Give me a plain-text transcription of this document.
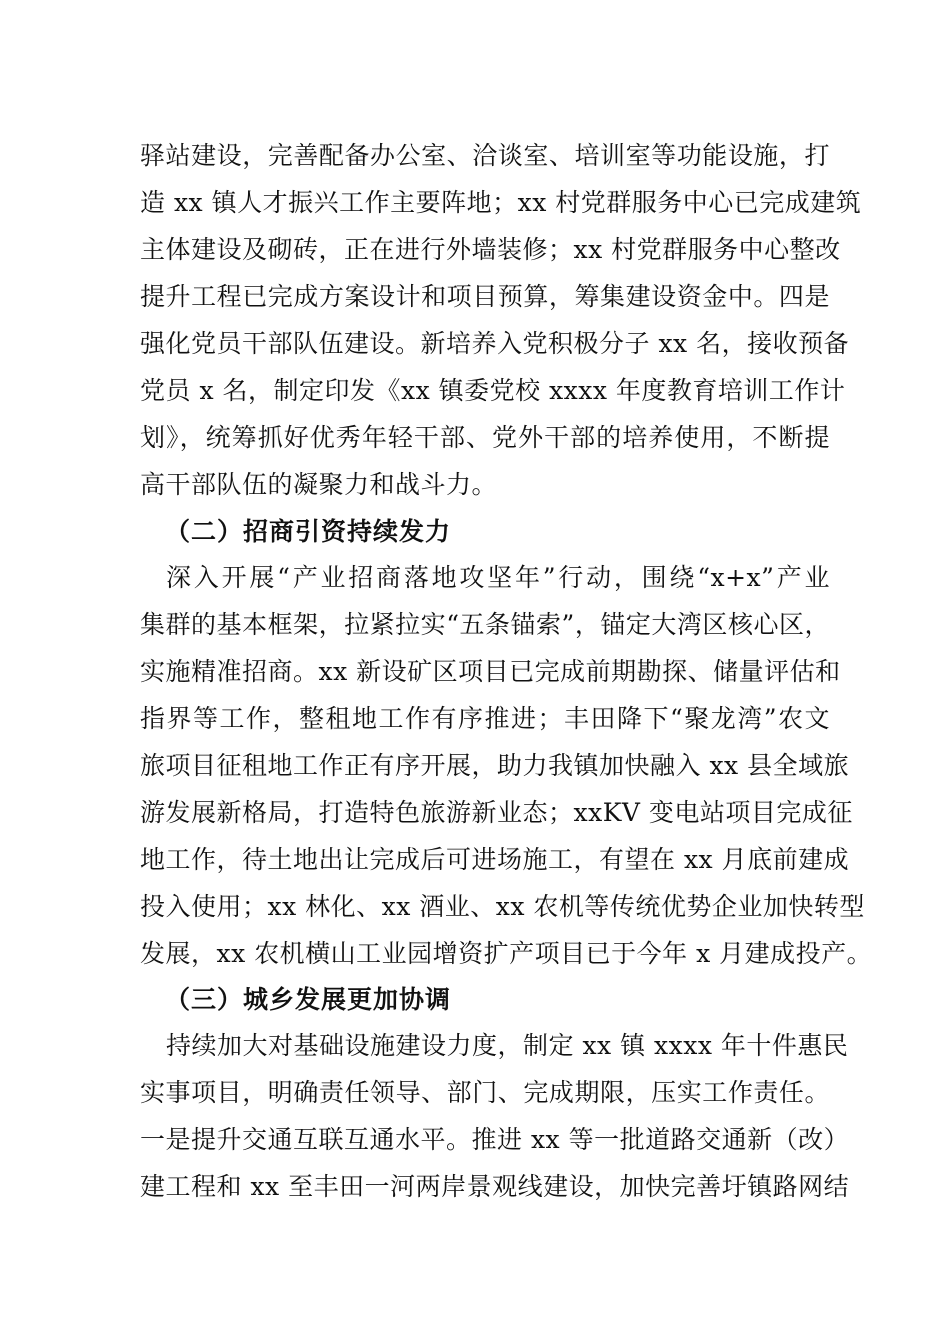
驿站建设，完善配备办公室、洽谈室、培训室等功能设施，打
造 xx 镇人才振兴工作主要阵地；xx 村党群服务中心已完成建筑
主体建设及砌砖，正在进行外墙装修；xx 村党群服务中心整改
提升工程已完成方案设计和项目预算，筹集建设资金中。四是
强化党员干部队伍建设。新培养入党积极分子 xx 名，接收预备
党员 x 名，制定印发《xx 镇委党校 xxxx 年度教育培训工作计
划》，统筹抓好优秀年轻干部、党外干部的培养使用，不断提
高干部队伍的凝聚力和战斗力。
（二）招商引资持续发力
深入开展“产业招商落地攻坚年”行动，围绕“x+x”产业
集群的基本框架，拉紧拉实“五条锚索”，锚定大湾区核心区，
实施精准招商。xx 新设矿区项目已完成前期勘探、储量评估和
指界等工作，整租地工作有序推进；丰田降下“聚龙湾”农文
旅项目征租地工作正有序开展，助力我镇加快融入 xx 县全域旅
游发展新格局，打造特色旅游新业态；xxKV 变电站项目完成征
地工作，待土地出让完成后可进场施工，有望在 xx 月底前建成
投入使用；xx 林化、xx 酒业、xx 农机等传统优势企业加快转型
发展，xx 农机横山工业园增资扩产项目已于今年 x 月建成投产。
（三）城乡发展更加协调
持续加大对基础设施建设力度，制定 xx 镇 xxxx 年十件惠民
实事项目，明确责任领导、部门、完成期限，压实工作责任。
一是提升交通互联互通水平。推进 xx 等一批道路交通新（改）
建工程和 xx 至丰田一河两岸景观线建设，加快完善圩镇路网结
